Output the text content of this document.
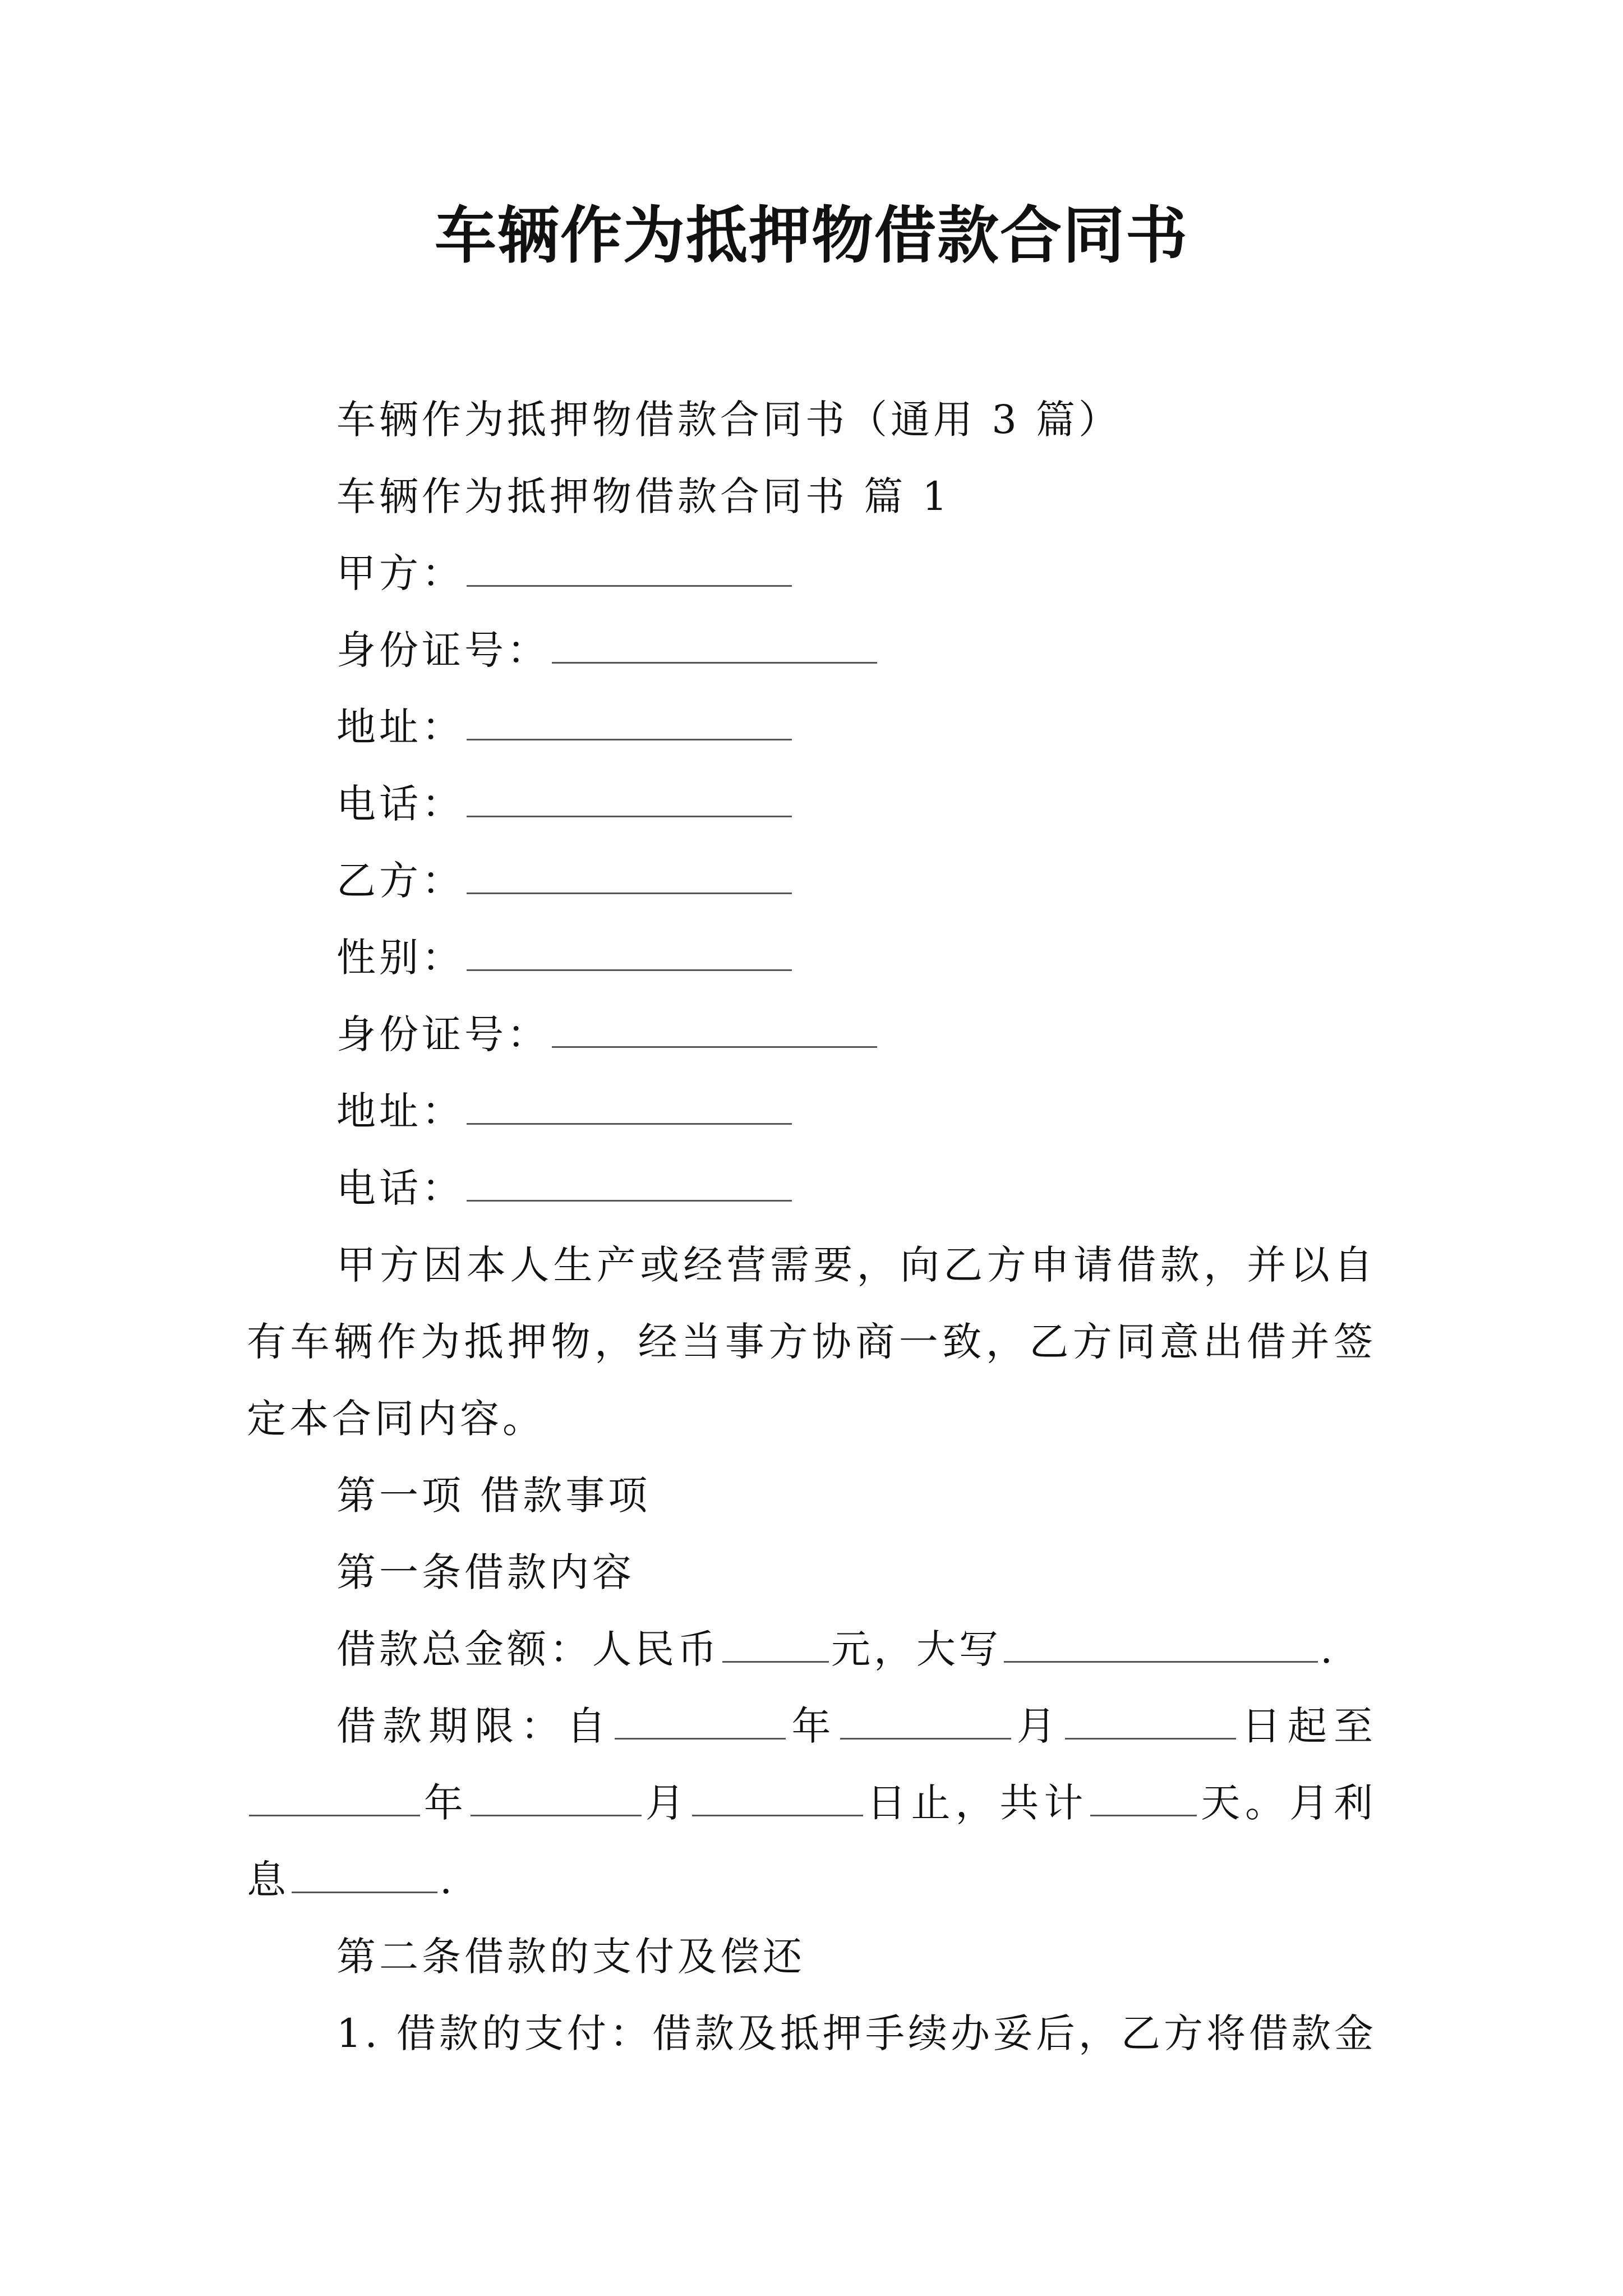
车辆作为抵押物借款合同书

车辆作为抵押物借款合同书（通用 3 篇）

车辆作为抵押物借款合同书 篇 1

甲方：

身份证号：

地址：

电话：

乙方：

性别：

身份证号：

地址：

电话：

甲方因本人生产或经营需要，向乙方申请借款，并以自有车辆作为抵押物，经当事方协商一致，乙方同意出借并签定本合同内容。

第一项 借款事项

第一条借款内容

借款总金额：人民币	元，大写	.

借款期限：自	年	月	日起至年	月	日止，共计	天。月利息	.

第二条借款的支付及偿还

1. 借款的支付：借款及抵押手续办妥后，乙方将借款金
